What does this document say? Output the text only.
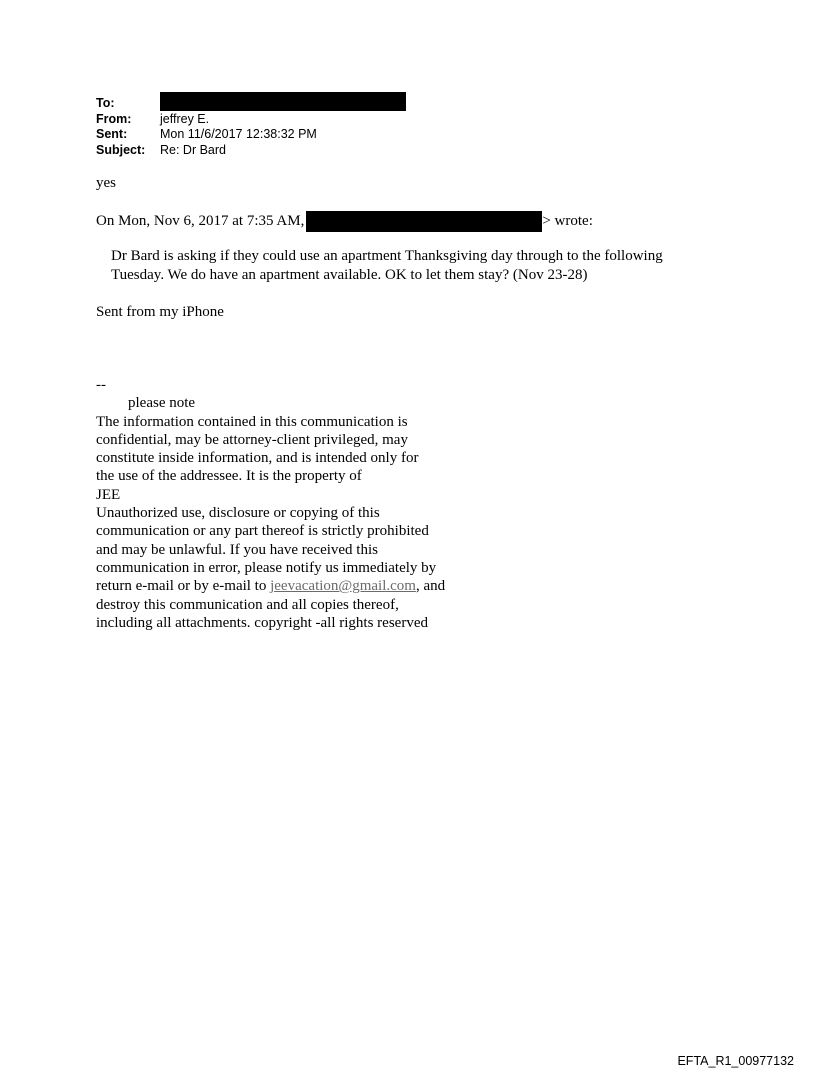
To:
From:	jeffrey E.
Sent:	Mon 11/6/2017 12:38:32 PM
Subject:	Re: Dr Bard
yes
On Mon, Nov 6, 2017 at 7:35 AM,	> wrote:

Dr Bard is asking if they could use an apartment Thanksgiving day through to the following

Tuesday. We do have an apartment available. OK to let them stay? (Nov 23-28)

Sent from my iPhone
--
please note
The information contained in this communication is
confidential, may be attorney-client privileged, may
constitute inside information, and is intended only for
the use of the addressee. It is the property of
JEE
Unauthorized use, disclosure or copying of this
communication or any part thereof is strictly prohibited
and may be unlawful. If you have received this
communication in error, please notify us immediately by
return e-mail or by e-mail to jeevacation@gmail.com, and
destroy this communication and all copies thereof,
including all attachments. copyright -all rights reserved
EFTA_R1_00977132
